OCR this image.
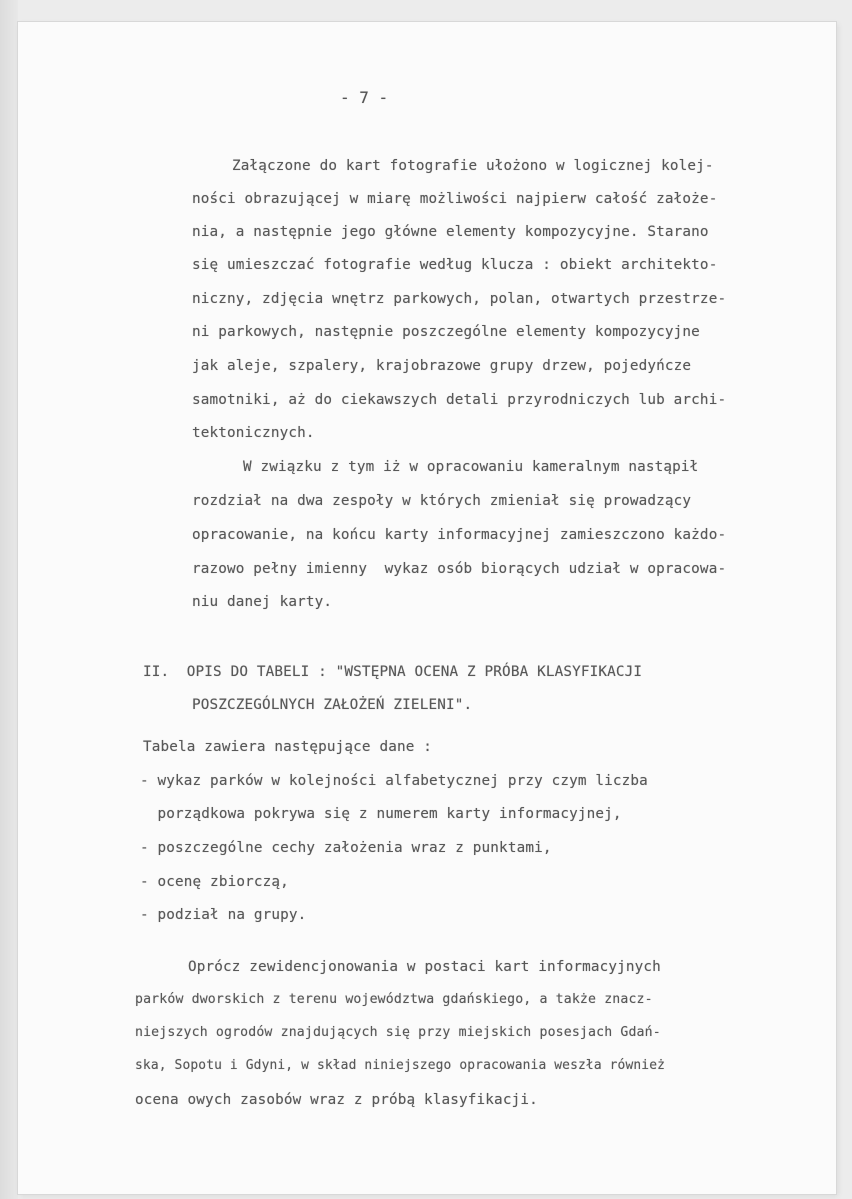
- 7 -
Załączone do kart fotografie ułożono w logicznej kolej-
ności obrazującej w miarę możliwości najpierw całość założe-
nia, a następnie jego główne elementy kompozycyjne. Starano
się umieszczać fotografie według klucza : obiekt architekto-
niczny, zdjęcia wnętrz parkowych, polan, otwartych przestrze-
ni parkowych, następnie poszczególne elementy kompozycyjne
jak aleje, szpalery, krajobrazowe grupy drzew, pojedyńcze
samotniki, aż do ciekawszych detali przyrodniczych lub archi-
tektonicznych.
W związku z tym iż w opracowaniu kameralnym nastąpił
rozdział na dwa zespoły w których zmieniał się prowadzący
opracowanie, na końcu karty informacyjnej zamieszczono każdo-
razowo pełny imienny  wykaz osób biorących udział w opracowa-
niu danej karty.
II.  OPIS DO TABELI : "WSTĘPNA OCENA Z PRÓBA KLASYFIKACJI
POSZCZEGÓLNYCH ZAŁOŻEŃ ZIELENI".
Tabela zawiera następujące dane :
- wykaz parków w kolejności alfabetycznej przy czym liczba
porządkowa pokrywa się z numerem karty informacyjnej,
- poszczególne cechy założenia wraz z punktami,
- ocenę zbiorczą,
- podział na grupy.
Oprócz zewidencjonowania w postaci kart informacyjnych
parków dworskich z terenu województwa gdańskiego, a także znacz-
niejszych ogrodów znajdujących się przy miejskich posesjach Gdań-
ska, Sopotu i Gdyni, w skład niniejszego opracowania weszła również
ocena owych zasobów wraz z próbą klasyfikacji.
